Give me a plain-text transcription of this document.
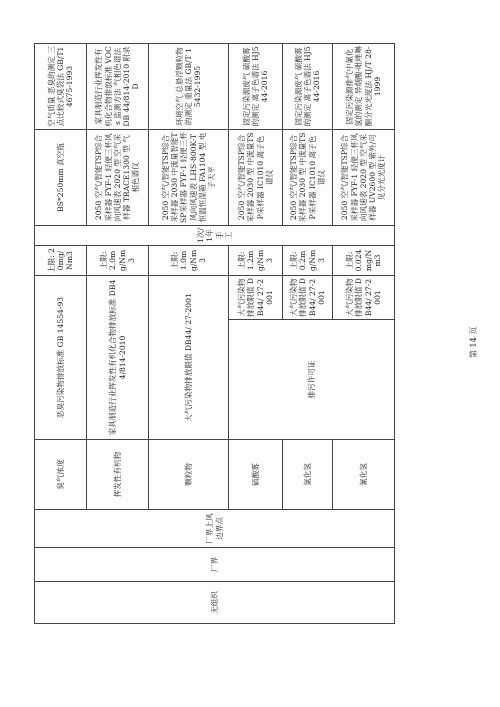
无组织	厂界	厂界上风边界点	臭气浓度	恶臭污染物排放标准 GB 14554-93		上限: 20mg/Nm3	1次/1年 手工	BS*250mm 真空瓶	空气质量 恶臭的测定 三点比较式臭袋法 GB/T14675-1993
			挥发性有机物	家具制造行业挥发性有机化合物排放标准 DB44/814-2010		上限: 2.0mg/Nm3		2050 空气/智能TSP综合采样器 FYF-1 轻便三杯风向风速表 2020 型 空气采样器 TRACE1300 型 气相色谱仪	家具制造行业挥发性有机化合物排放标准 VOCs 监测方法 气相色谱法 DB 44/814-2010 附录 D
			颗粒物	大气污染物排放限值 DB44/ 27-2001		上限: 1.0mg/Nm3		2050 空气/智能TSP综合采样器 2030 中流量智能TSP采样器 FYF-1 轻便三杯风向风速表 LHS-800K-T 恒温恒湿箱 FA1104 型 电子天平	环境空气 总悬浮颗粒物的测定 重量法 GB/T 15432-1995
			硫酸雾	排污许可证	大气污染物排放限值 DB44/ 27-2001	上限: 1.2mg/Nm3		2050 空气/智能TSP综合采样器 2030 型 中流量TSP采样器 IC1010 离子色谱仪	固定污染源废气 硫酸雾的测定 离子色谱法 HJ544-2016
			氯化氢		大气污染物排放限值 DB44/ 27-2001	上限: 0.2mg/Nm3		2050 空气/智能TSP综合采样器 2030 型 中流量TSP采样器 IC1010 离子色谱仪	固定污染源废气 硫酸雾的测定 离子色谱法 HJ544-2016
			氰化氢		大气污染物排放限值 DB44/ 27-2001	上限: 0.024mg/Nm3		2050 空气/智能TSP综合采样器 FYF-1 轻便三杯风向风速表 2020 型 空气采样器 UV2600 型 紫外/可见分光光度计	固定污染源排气中氰化氢的测定 异烟酸-吡唑啉酮分光光度法 HJ/T 28-1999
第 14 页
